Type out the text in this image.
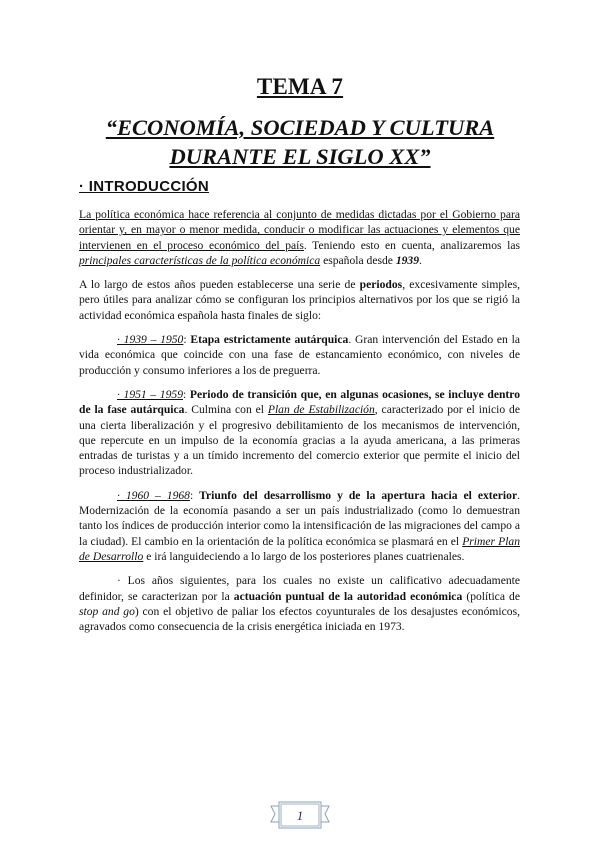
TEMA 7
“ECONOMÍA, SOCIEDAD Y CULTURA
DURANTE EL SIGLO XX”
· INTRODUCCIÓN

La política económica hace referencia al conjunto de medidas dictadas por el Gobierno para orientar y, en mayor o menor medida, conducir o modificar las actuaciones y elementos que intervienen en el proceso económico del país. Teniendo esto en cuenta, analizaremos las principales características de la política económica española desde 1939.

A lo largo de estos años pueden establecerse una serie de periodos, excesivamente simples, pero útiles para analizar cómo se configuran los principios alternativos por los que se rigió la actividad económica española hasta finales de siglo:

· 1939 – 1950: Etapa estrictamente autárquica. Gran intervención del Estado en la vida económica que coincide con una fase de estancamiento económico, con niveles de producción y consumo inferiores a los de preguerra.

· 1951 – 1959: Periodo de transición que, en algunas ocasiones, se incluye dentro de la fase autárquica. Culmina con el Plan de Estabilización, caracterizado por el inicio de una cierta liberalización y el progresivo debilitamiento de los mecanismos de intervención, que repercute en un impulso de la economía gracias a la ayuda americana, a las primeras entradas de turistas y a un tímido incremento del comercio exterior que permite el inicio del proceso industrializador.

· 1960 – 1968: Triunfo del desarrollismo y de la apertura hacia el exterior. Modernización de la economía pasando a ser un país industrializado (como lo demuestran tanto los índices de producción interior como la intensificación de las migraciones del campo a la ciudad). El cambio en la orientación de la política económica se plasmará en el Primer Plan de Desarrollo e irá languideciendo a lo largo de los posteriores planes cuatrienales.

· Los años siguientes, para los cuales no existe un calificativo adecuadamente definidor, se caracterizan por la actuación puntual de la autoridad económica (política de stop and go) con el objetivo de paliar los efectos coyunturales de los desajustes económicos, agravados como consecuencia de la crisis energética iniciada en 1973.

1
